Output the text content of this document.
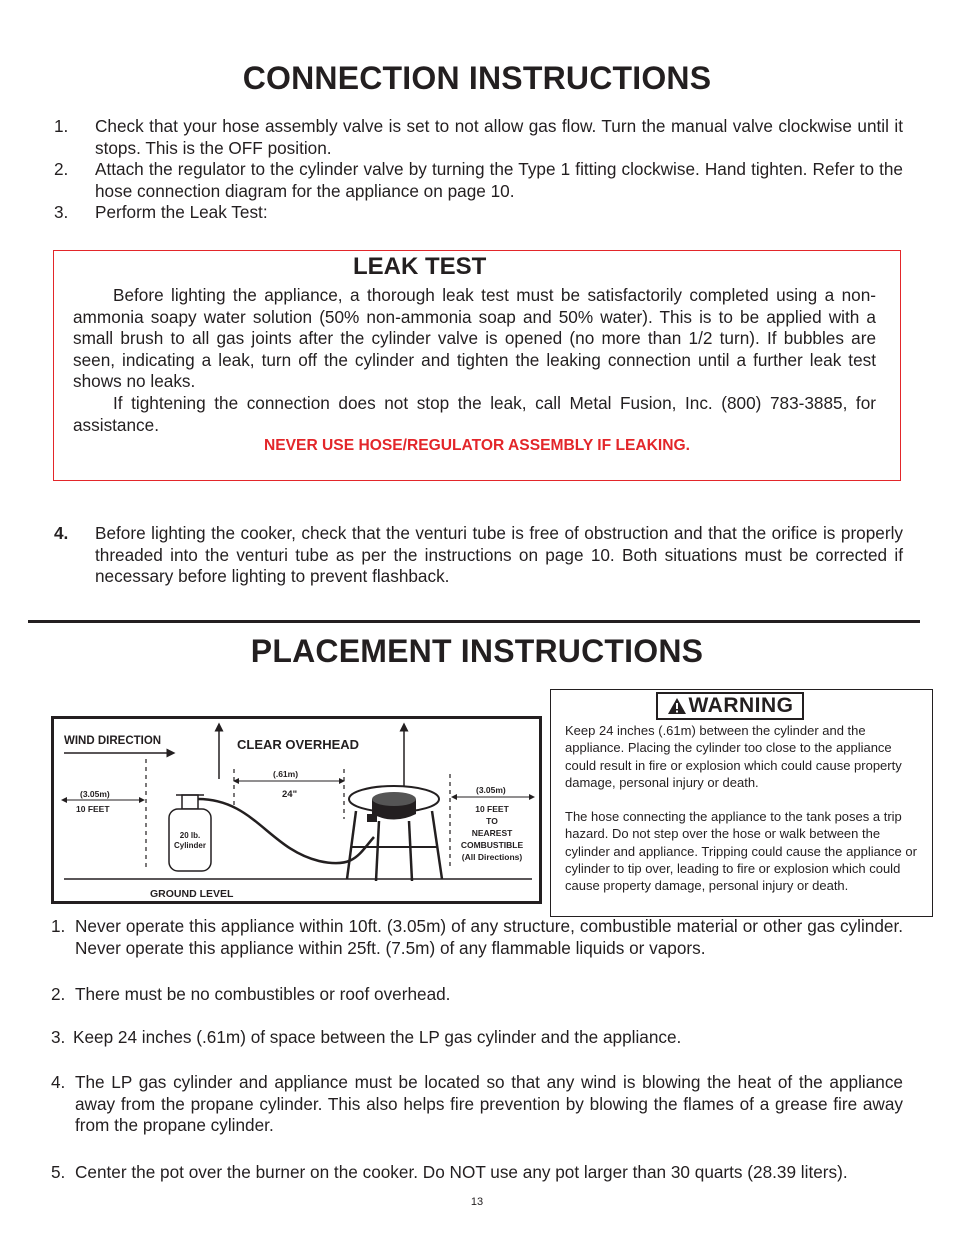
CONNECTION INSTRUCTIONS
1.	Check that your hose assembly valve is set to not allow gas flow. Turn the manual valve clockwise until it stops. This is the OFF position.
2.	Attach the regulator to the cylinder valve by turning the Type 1 fitting clockwise. Hand tighten. Refer to the hose connection diagram for the appliance on page 10.
3.	Perform the Leak Test:
LEAK TEST

Before lighting the appliance, a thorough leak test must be satisfactorily completed using a non-ammonia soapy water solution (50% non-ammonia soap and 50% water). This is to be applied with a small brush to all gas joints after the cylinder valve is opened (no more than 1/2 turn). If bubbles are seen, indicating a leak, turn off the cylinder and tighten the leaking connection until a further leak test shows no leaks.

If tightening the connection does not stop the leak, call Metal Fusion, Inc. (800) 783-3885, for assistance.

NEVER USE HOSE/REGULATOR ASSEMBLY IF LEAKING.
4.	Before lighting the cooker, check that the venturi tube is free of obstruction and that the orifice is properly threaded into the venturi tube as per the instructions on page 10. Both situations must be corrected if necessary before lighting to prevent flashback.
PLACEMENT INSTRUCTIONS
WIND DIRECTION	CLEAR OVERHEAD
(3.05m)
10 FEET
(.61m)
24"	(3.05m)
10 FEET
TO
NEAREST
COMBUSTIBLE
(All Directions)
20 lb.
Cylinder
GROUND LEVEL
WARNING

Keep 24 inches (.61m) between the cylinder and the appliance. Placing the cylinder too close to the appliance could result in fire or explosion which could cause property damage, personal injury or death.

The hose connecting the appliance to the tank poses a trip hazard. Do not step over the hose or walk between the cylinder and appliance. Tripping could cause the appliance or cylinder to tip over, leading to fire or explosion which could cause property damage, personal injury or death.

1. Never operate this appliance within 10ft. (3.05m) of any structure, combustible material or other gas cylinder. Never operate this appliance within 25ft. (7.5m) of any flammable liquids or vapors.
2. There must be no combustibles or roof overhead.
3. Keep 24 inches (.61m) of space between the LP gas cylinder and the appliance.
4. The LP gas cylinder and appliance must be located so that any wind is blowing the heat of the appliance away from the propane cylinder. This also helps fire prevention by blowing the flames of a grease fire away from the propane cylinder.
5. Center the pot over the burner on the cooker. Do NOT use any pot larger than 30 quarts (28.39 liters).
13
